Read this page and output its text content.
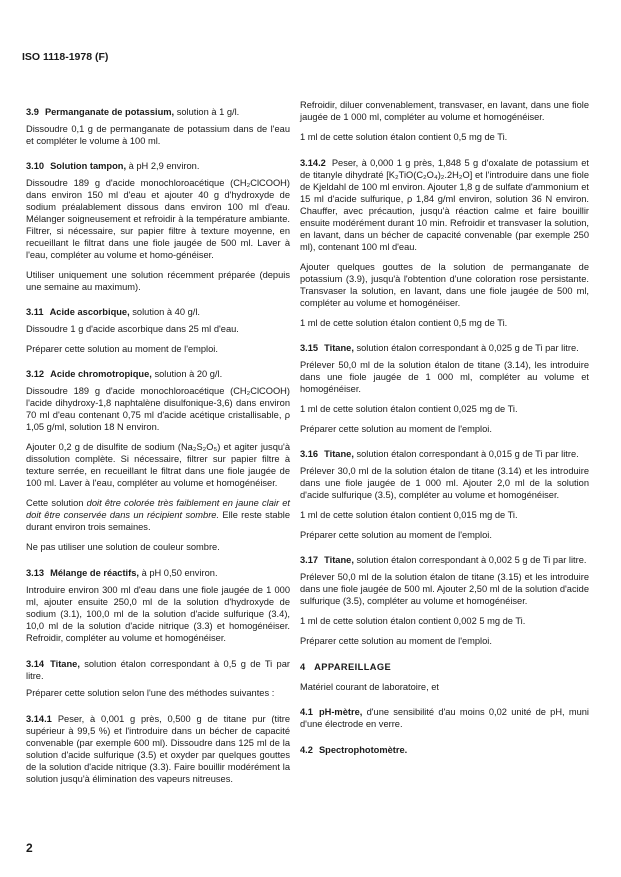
ISO 1118-1978 (F)
3.9 Permanganate de potassium, solution à 1 g/l.
Dissoudre 0,1 g de permanganate de potassium dans de l'eau et compléter le volume à 100 ml.
3.10 Solution tampon, à pH 2,9 environ.
Dissoudre 189 g d'acide monochloroacétique (CH₂ClCOOH) dans environ 150 ml d'eau et ajouter 40 g d'hydroxyde de sodium préalablement dissous dans environ 100 ml d'eau. Mélanger soigneusement et refroidir à la température ambiante. Filtrer, si nécessaire, sur papier filtre à texture moyenne, en recueillant le filtrat dans une fiole jaugée de 500 ml. Laver à l'eau, compléter au volume et homo-généiser.
Utiliser uniquement une solution récemment préparée (depuis une semaine au maximum).
3.11 Acide ascorbique, solution à 40 g/l.
Dissoudre 1 g d'acide ascorbique dans 25 ml d'eau.
Préparer cette solution au moment de l'emploi.
3.12 Acide chromotropique, solution à 20 g/l.
Dissoudre 189 g d'acide monochloroacétique (CH₂ClCOOH) l'acide dihydroxy-1,8 naphtalène disulfonique-3,6) dans environ 70 ml d'eau contenant 0,75 ml d'acide acétique cristallisable, ρ 1,05 g/ml, solution 18 N environ.
Ajouter 0,2 g de disulfite de sodium (Na₂S₂O₅) et agiter jusqu'à dissolution complète. Si nécessaire, filtrer sur papier filtre à texture serrée, en recueillant le filtrat dans une fiole jaugée de 100 ml. Laver à l'eau, compléter au volume et homogénéiser.
Cette solution doit être colorée très faiblement en jaune clair et doit être conservée dans un récipient sombre. Elle reste stable durant environ trois semaines.
Ne pas utiliser une solution de couleur sombre.
3.13 Mélange de réactifs, à pH 0,50 environ.
Introduire environ 300 ml d'eau dans une fiole jaugée de 1 000 ml, ajouter ensuite 250,0 ml de la solution d'hydroxyde de sodium (3.1), 100,0 ml de la solution d'acide sulfurique (3.4), 10,0 ml de la solution d'acide nitrique (3.3) et homogénéiser. Refroidir, compléter au volume et homogénéiser.
3.14 Titane, solution étalon correspondant à 0,5 g de Ti par litre.
Préparer cette solution selon l'une des méthodes suivantes :
3.14.1 Peser, à 0,001 g près, 0,500 g de titane pur (titre supérieur à 99,5 %) et l'introduire dans un bécher de capacité convenable (par exemple 600 ml). Dissoudre dans 125 ml de la solution d'acide sulfurique (3.5) et oxyder par quelques gouttes de la solution d'acide nitrique (3.3). Faire bouillir modérément la solution jusqu'à élimination des vapeurs nitreuses.
Refroidir, diluer convenablement, transvaser, en lavant, dans une fiole jaugée de 1 000 ml, compléter au volume et homogénéiser.
1 ml de cette solution étalon contient 0,5 mg de Ti.
3.14.2 Peser, à 0,000 1 g près, 1,848 5 g d'oxalate de potassium et de titanyle dihydraté [K₂TiO(C₂O₄)₂.2H₂O] et l'introduire dans une fiole de Kjeldahl de 100 ml environ. Ajouter 1,8 g de sulfate d'ammonium et 15 ml d'acide sulfurique, ρ 1,84 g/ml environ, solution 36 N environ. Chauffer, avec précaution, jusqu'à réaction calme et faire bouillir ensuite modérément durant 10 min. Refroidir et transvaser la solution, en lavant, dans un bécher de capacité convenable (par exemple 250 ml), contenant 100 ml d'eau.
Ajouter quelques gouttes de la solution de permanganate de potassium (3.9), jusqu'à l'obtention d'une coloration rose persistante. Transvaser la solution, en lavant, dans une fiole jaugée de 500 ml, compléter au volume et homogénéiser.
1 ml de cette solution étalon contient 0,5 mg de Ti.
3.15 Titane, solution étalon correspondant à 0,025 g de Ti par litre.
Prélever 50,0 ml de la solution étalon de titane (3.14), les introduire dans une fiole jaugée de 1 000 ml, compléter au volume et homogénéiser.
1 ml de cette solution étalon contient 0,025 mg de Ti.
Préparer cette solution au moment de l'emploi.
3.16 Titane, solution étalon correspondant à 0,015 g de Ti par litre.
Prélever 30,0 ml de la solution étalon de titane (3.14) et les introduire dans une fiole jaugée de 1 000 ml. Ajouter 2,0 ml de la solution d'acide sulfurique (3.5), compléter au volume et homogénéiser.
1 ml de cette solution étalon contient 0,015 mg de Ti.
Préparer cette solution au moment de l'emploi.
3.17 Titane, solution étalon correspondant à 0,002 5 g de Ti par litre.
Prélever 50,0 ml de la solution étalon de titane (3.15) et les introduire dans une fiole jaugée de 500 ml. Ajouter 2,50 ml de la solution d'acide sulfurique (3.5), compléter au volume et homogénéiser.
1 ml de cette solution étalon contient 0,002 5 mg de Ti.
Préparer cette solution au moment de l'emploi.
4   APPAREILLAGE
Matériel courant de laboratoire, et
4.1 pH-mètre, d'une sensibilité d'au moins 0,02 unité de pH, muni d'une électrode en verre.
4.2 Spectrophotomètre.
2
